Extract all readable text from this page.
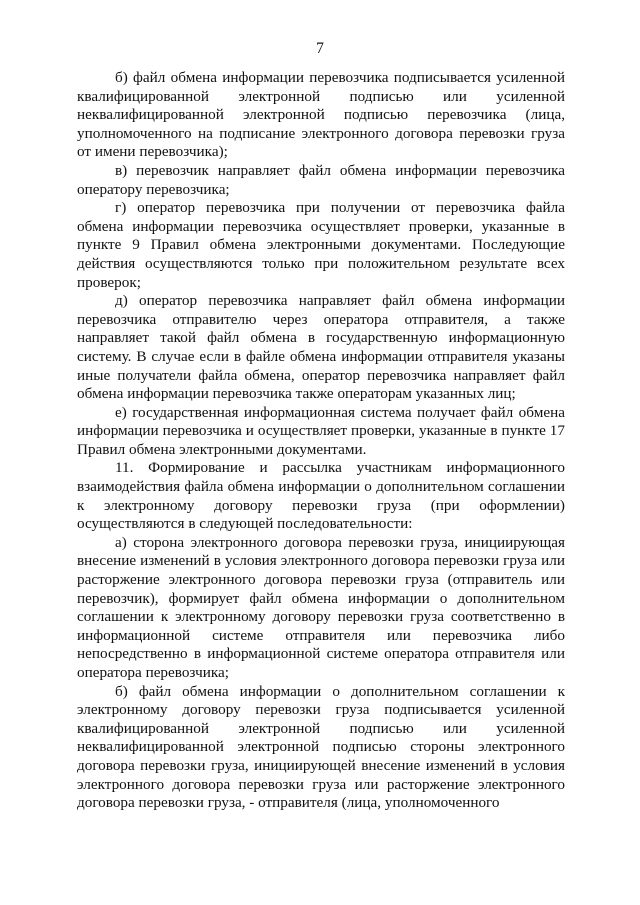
7

б) файл обмена информации перевозчика подписывается усиленной квалифицированной электронной подписью или усиленной неквалифицированной электронной подписью перевозчика (лица, уполномоченного на подписание электронного договора перевозки груза от имени перевозчика);

в) перевозчик направляет файл обмена информации перевозчика оператору перевозчика;

г) оператор перевозчика при получении от перевозчика файла обмена информации перевозчика осуществляет проверки, указанные в пункте 9 Правил обмена электронными документами. Последующие действия осуществляются только при положительном результате всех проверок;

д) оператор перевозчика направляет файл обмена информации перевозчика отправителю через оператора отправителя, а также направляет такой файл обмена в государственную информационную систему. В случае если в файле обмена информации отправителя указаны иные получатели файла обмена, оператор перевозчика направляет файл обмена информации перевозчика также операторам указанных лиц;

е) государственная информационная система получает файл обмена информации перевозчика и осуществляет проверки, указанные в пункте 17 Правил обмена электронными документами.

11. Формирование и рассылка участникам информационного взаимодействия файла обмена информации о дополнительном соглашении к электронному договору перевозки груза (при оформлении) осуществляются в следующей последовательности:

а) сторона электронного договора перевозки груза, инициирующая внесение изменений в условия электронного договора перевозки груза или расторжение электронного договора перевозки груза (отправитель или перевозчик), формирует файл обмена информации о дополнительном соглашении к электронному договору перевозки груза соответственно в информационной системе отправителя или перевозчика либо непосредственно в информационной системе оператора отправителя или оператора перевозчика;

б) файл обмена информации о дополнительном соглашении к электронному договору перевозки груза подписывается усиленной квалифицированной электронной подписью или усиленной неквалифицированной электронной подписью стороны электронного договора перевозки груза, инициирующей внесение изменений в условия электронного договора перевозки груза или расторжение электронного договора перевозки груза, - отправителя (лица, уполномоченного
